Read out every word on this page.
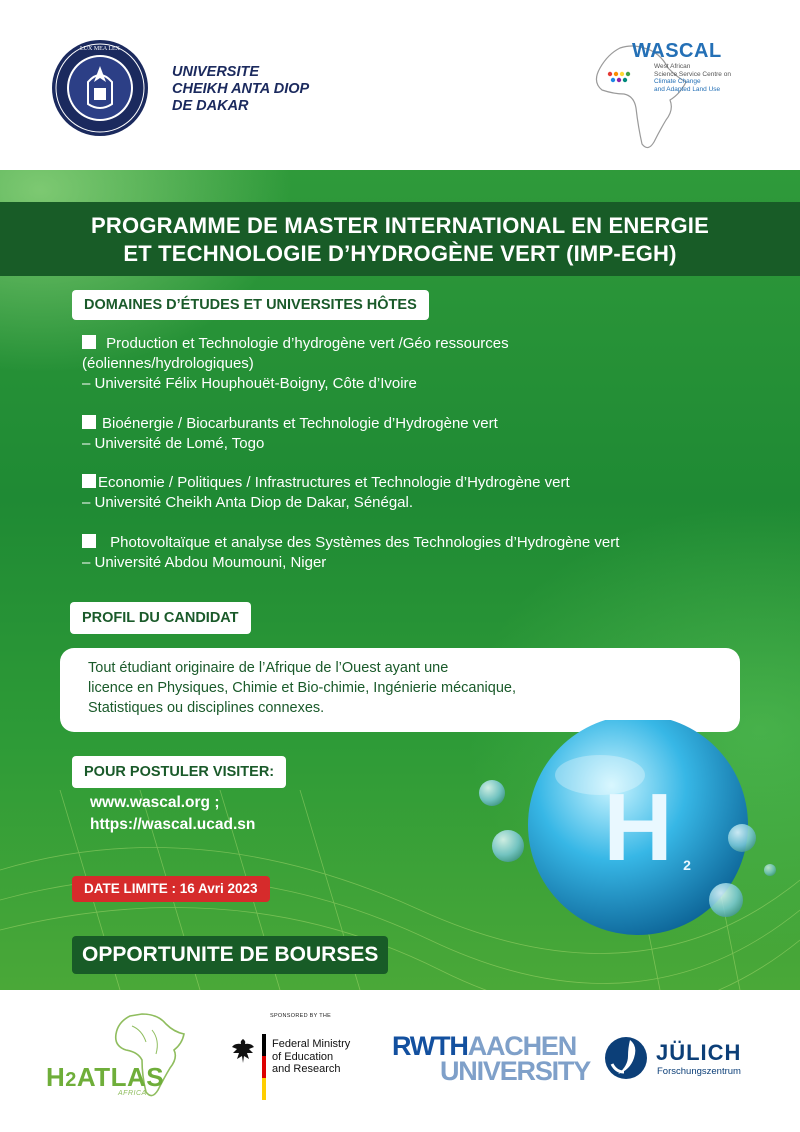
LUX MEA LEX
UNIVERSITE
CHEIKH ANTA DIOP
DE DAKAR
WASCAL
West African
Science Service Centre on
Climate Change
and Adapted Land Use
PROGRAMME DE MASTER INTERNATIONAL EN ENERGIE
ET TECHNOLOGIE D’HYDROGÈNE VERT (IMP-EGH)
DOMAINES D’ÉTUDES ET UNIVERSITES HÔTES
Production et Technologie d’hydrogène vert /Géo ressources
(éoliennes/hydrologiques)
– Université Félix Houphouët-Boigny, Côte d’Ivoire
Bioénergie / Biocarburants et Technologie d’Hydrogène vert
– Université de Lomé, Togo
Economie / Politiques / Infrastructures et Technologie d’Hydrogène vert
– Université Cheikh Anta Diop de Dakar, Sénégal.
Photovoltaïque et analyse des Systèmes des Technologies d’Hydrogène vert
– Université Abdou Moumouni, Niger
PROFIL DU CANDIDAT
Tout étudiant originaire de l’Afrique de l’Ouest ayant une
licence en Physiques, Chimie et Bio-chimie, Ingénierie mécanique,
Statistiques ou disciplines connexes.
POUR POSTULER VISITER:
www.wascal.org ;
https://wascal.ucad.sn
DATE LIMITE : 16 Avri 2023
OPPORTUNITE DE BOURSES
H 2
H2ATLAS
AFRICA
SPONSORED BY THE
Federal Ministry
of Education
and Research
RWTHAACHEN
UNIVERSITY
JÜLICH
Forschungszentrum
